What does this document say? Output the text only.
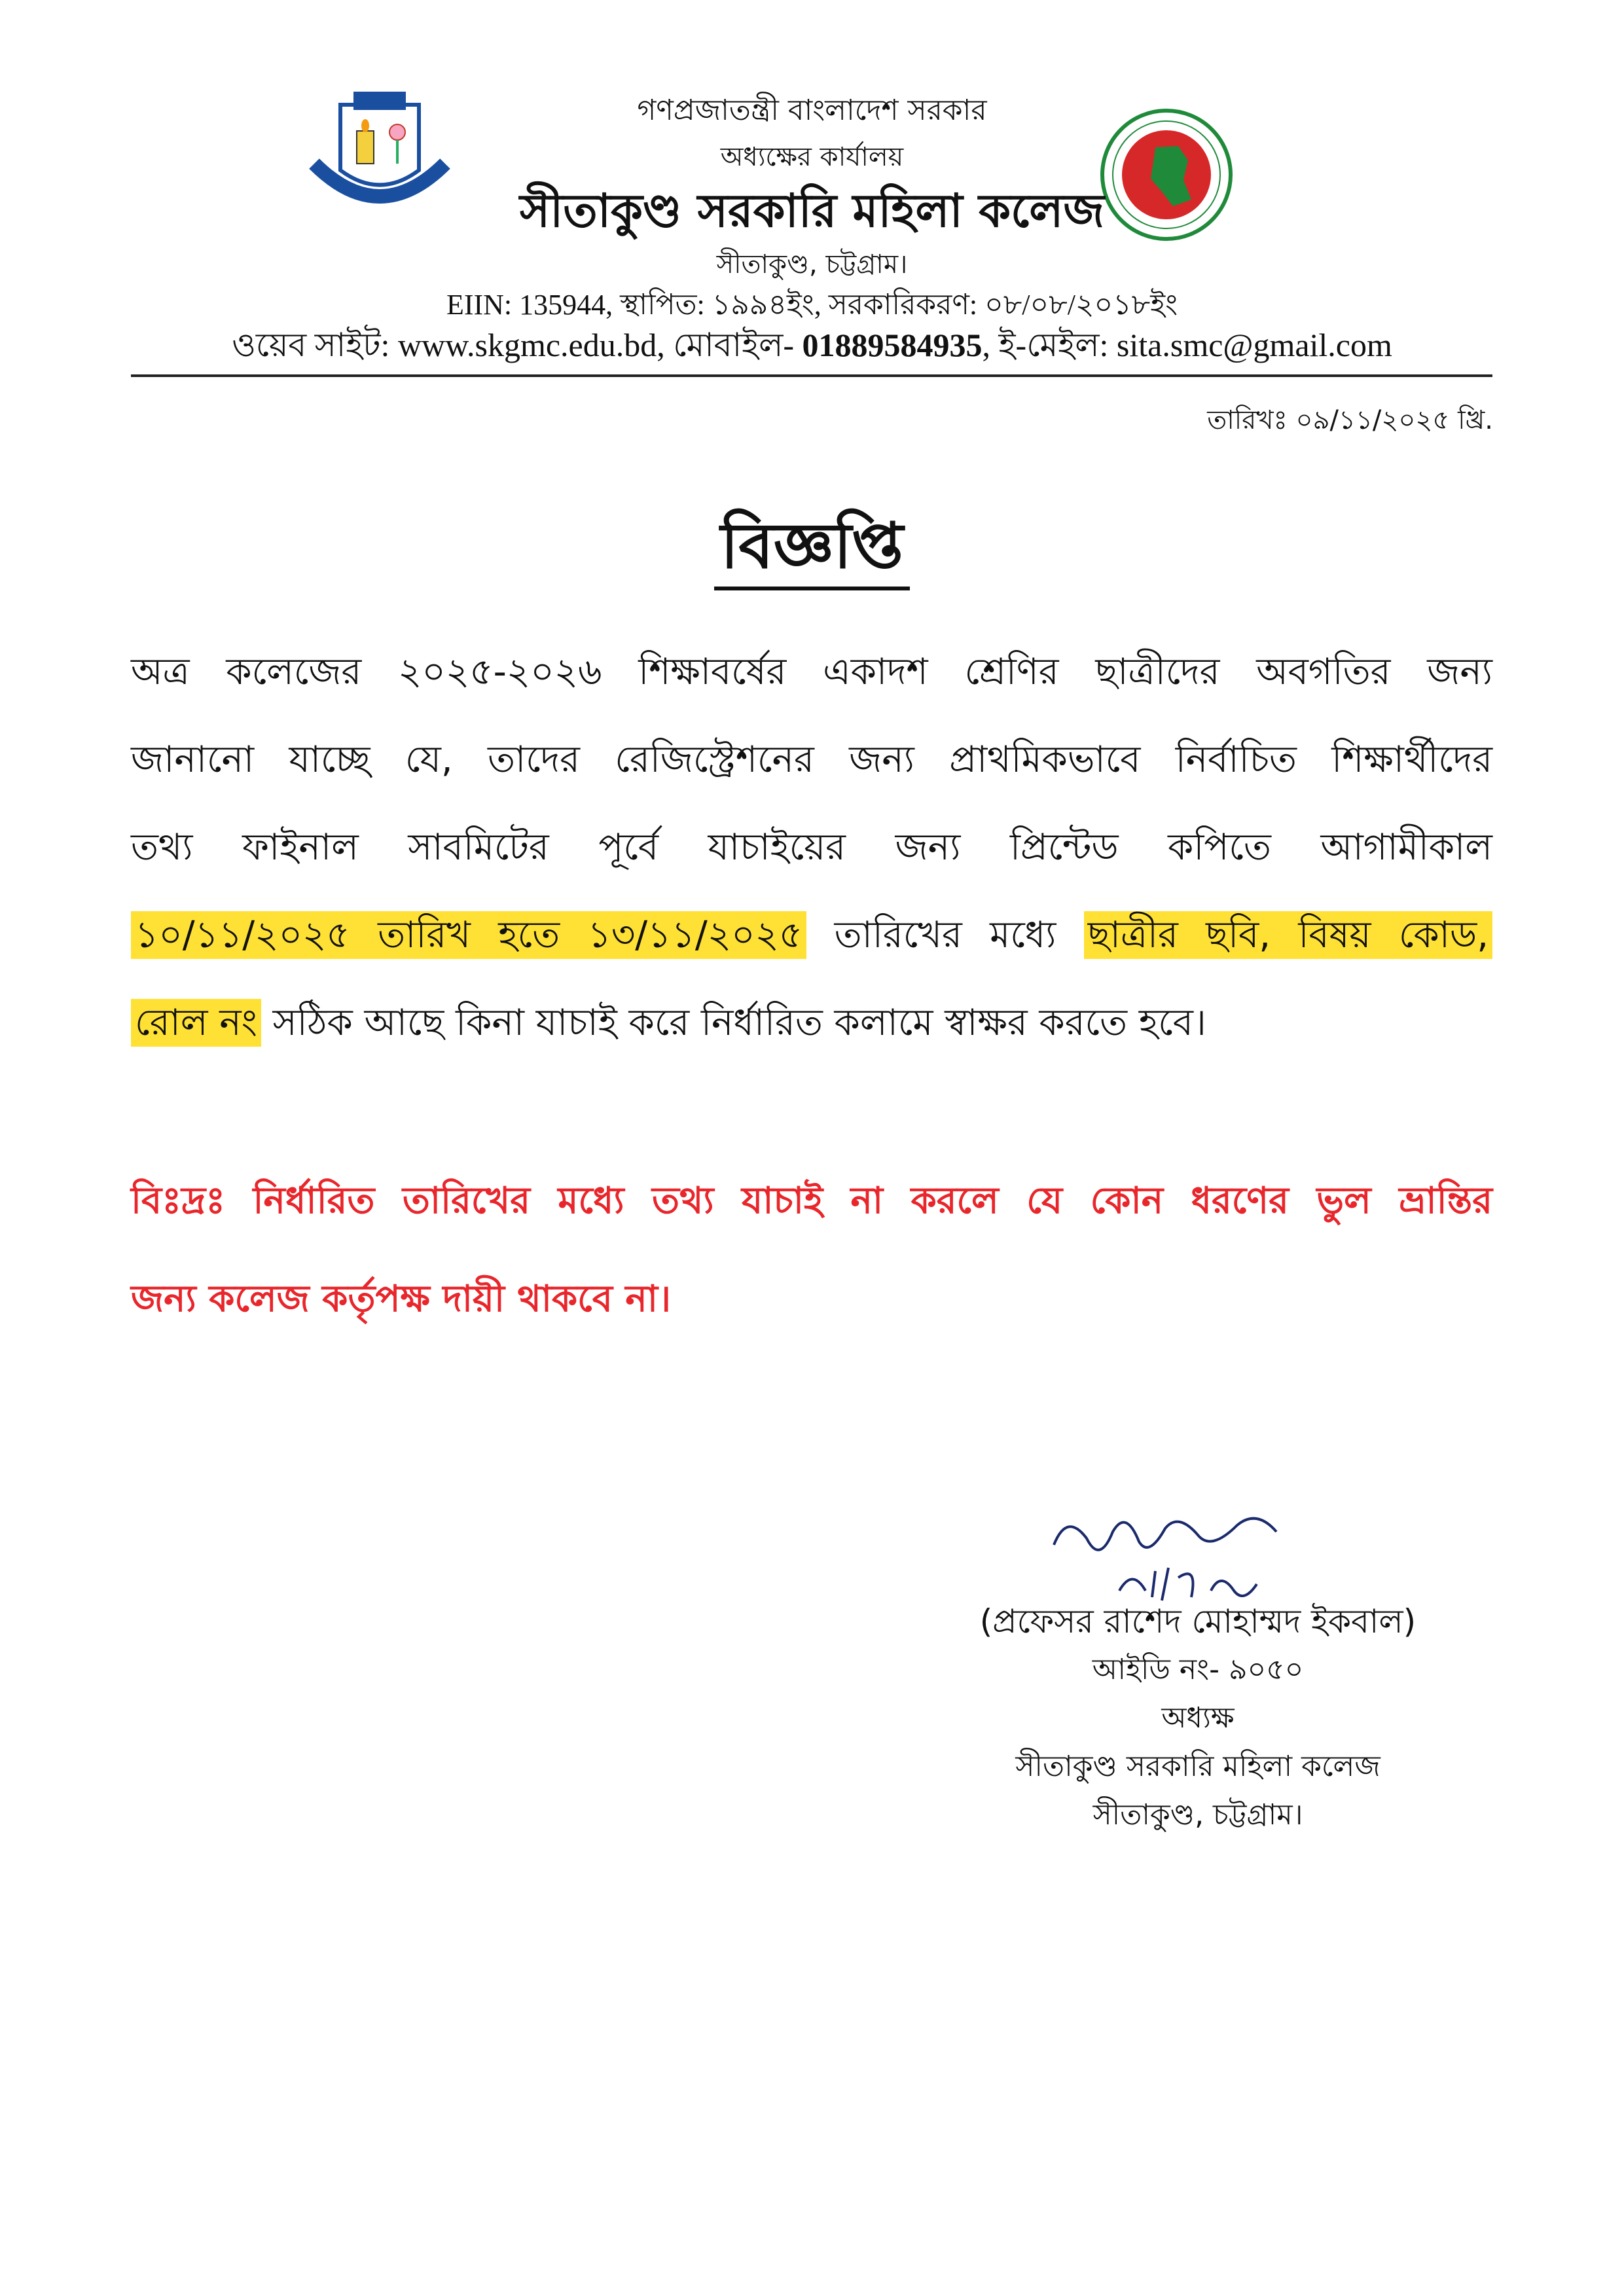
গণপ্রজাতন্ত্রী বাংলাদেশ সরকার
অধ্যক্ষের কার্যালয়
সীতাকুণ্ড সরকারি মহিলা কলেজ
সীতাকুণ্ড, চট্টগ্রাম।
EIIN: 135944, স্থাপিত: ১৯৯৪ইং, সরকারিকরণ: ০৮/০৮/২০১৮ইং
ওয়েব সাইট: www.skgmc.edu.bd, মোবাইল- 01889584935, ই-মেইল: sita.smc@gmail.com
তারিখঃ ০৯/১১/২০২৫ খ্রি.
বিজ্ঞপ্তি
অত্র কলেজের ২০২৫-২০২৬ শিক্ষাবর্ষের একাদশ শ্রেণির ছাত্রীদের অবগতির জন্য
জানানো যাচ্ছে যে, তাদের রেজিস্ট্রেশনের জন্য প্রাথমিকভাবে নির্বাচিত শিক্ষার্থীদের
তথ্য ফাইনাল সাবমিটের পূর্বে যাচাইয়ের জন্য প্রিন্টেড কপিতে আগামীকাল
১০/১১/২০২৫ তারিখ হতে ১৩/১১/২০২৫ তারিখের মধ্যে ছাত্রীর ছবি, বিষয় কোড,
রোল নং সঠিক আছে কিনা যাচাই করে নির্ধারিত কলামে স্বাক্ষর করতে হবে।
বিঃদ্রঃ নির্ধারিত তারিখের মধ্যে তথ্য যাচাই না করলে যে কোন ধরণের ভুল ভ্রান্তির
জন্য কলেজ কর্তৃপক্ষ দায়ী থাকবে না।
(প্রফেসর রাশেদ মোহাম্মদ ইকবাল)
আইডি নং- ৯০৫০
অধ্যক্ষ
সীতাকুণ্ড সরকারি মহিলা কলেজ
সীতাকুণ্ড, চট্টগ্রাম।
